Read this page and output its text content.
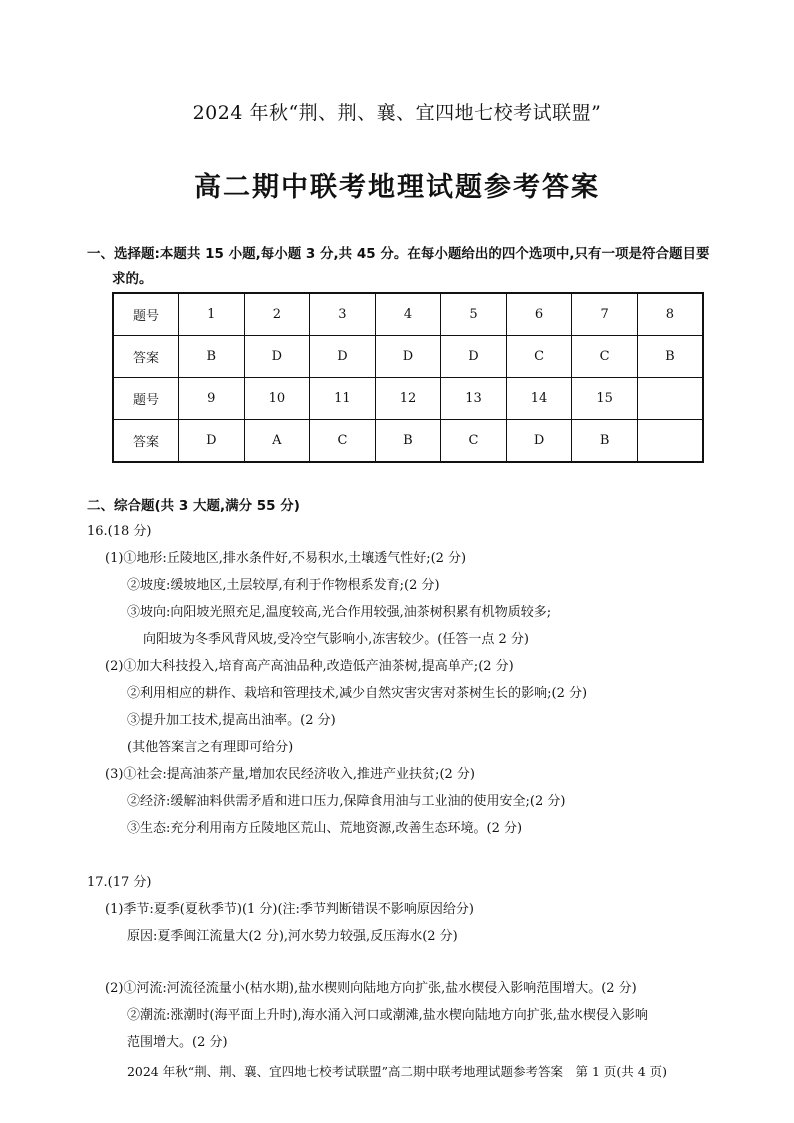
2024 年秋“荆、荆、襄、宜四地七校考试联盟”
高二期中联考地理试题参考答案
一、选择题:本题共 15 小题,每小题 3 分,共 45 分。在每小题给出的四个选项中,只有一项是符合题目要
求的。
题号	1	2	3	4	5	6	7	8
答案	B	D	D	D	D	C	C	B
题号	9	10	11	12	13	14	15	
答案	D	A	C	B	C	D	B	
二、综合题(共 3 大题,满分 55 分)
16.(18 分)
(1)①地形:丘陵地区,排水条件好,不易积水,土壤透气性好;(2 分)
②坡度:缓坡地区,土层较厚,有利于作物根系发育;(2 分)
③坡向:向阳坡光照充足,温度较高,光合作用较强,油茶树积累有机物质较多;
向阳坡为冬季风背风坡,受冷空气影响小,冻害较少。(任答一点 2 分)
(2)①加大科技投入,培育高产高油品种,改造低产油茶树,提高单产;(2 分)
②利用相应的耕作、栽培和管理技术,减少自然灾害灾害对茶树生长的影响;(2 分)
③提升加工技术,提高出油率。(2 分)
(其他答案言之有理即可给分)
(3)①社会:提高油茶产量,增加农民经济收入,推进产业扶贫;(2 分)
②经济:缓解油料供需矛盾和进口压力,保障食用油与工业油的使用安全;(2 分)
③生态:充分利用南方丘陵地区荒山、荒地资源,改善生态环境。(2 分)
17.(17 分)
(1)季节:夏季(夏秋季节)(1 分)(注:季节判断错误不影响原因给分)
原因:夏季闽江流量大(2 分),河水势力较强,反压海水(2 分)
(2)①河流:河流径流量小(枯水期),盐水楔则向陆地方向扩张,盐水楔侵入影响范围增大。(2 分)
②潮流:涨潮时(海平面上升时),海水涌入河口或潮滩,盐水楔向陆地方向扩张,盐水楔侵入影响
范围增大。(2 分)
2024 年秋“荆、荆、襄、宜四地七校考试联盟”高二期中联考地理试题参考答案　第 1 页(共 4 页)
